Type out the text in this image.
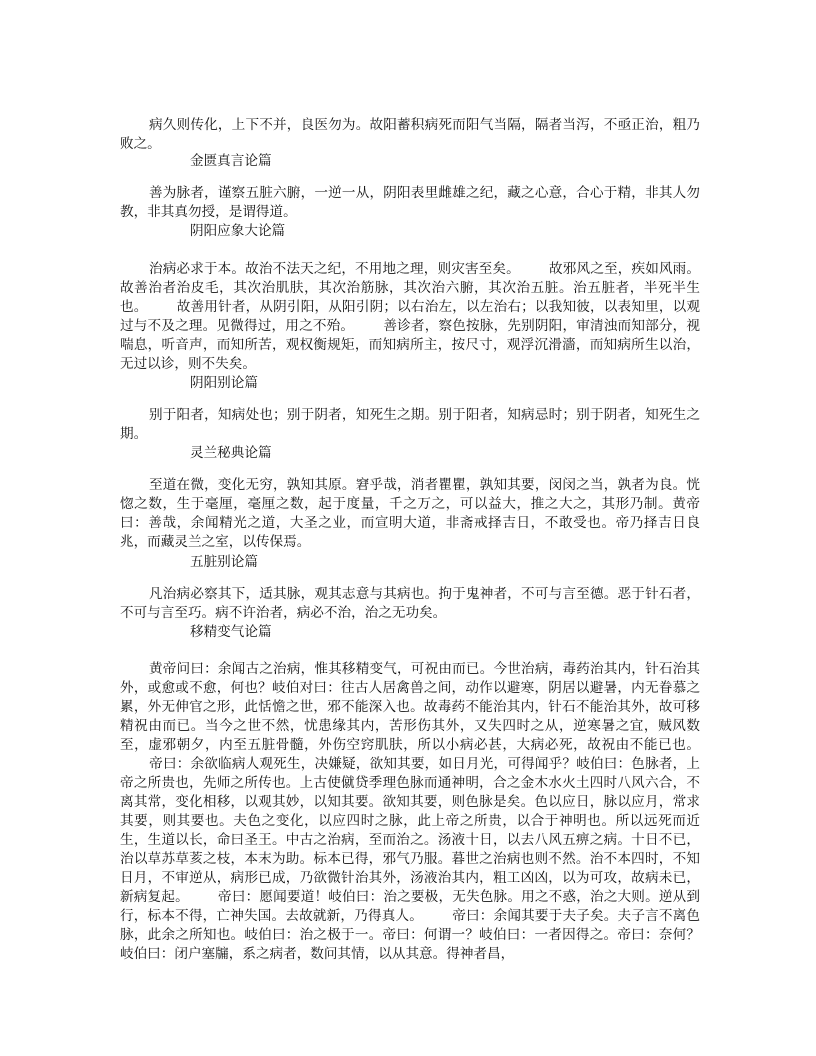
病久则传化，上下不并，良医勿为。故阳蓄积病死而阳气当隔，隔者当泻，不亟正治，粗乃败之。

金匮真言论篇

善为脉者，谨察五脏六腑，一逆一从，阴阳表里雌雄之纪，藏之心意，合心于精，非其人勿教，非其真勿授，是谓得道。

阴阳应象大论篇

治病必求于本。故治不法天之纪，不用地之理，则灾害至矣。 故邪风之至，疾如风雨。故善治者治皮毛，其次治肌肤，其次治筋脉，其次治六腑，其次治五脏。治五脏者，半死半生也。 故善用针者，从阴引阳，从阳引阴；以右治左，以左治右；以我知彼，以表知里，以观过与不及之理。见微得过，用之不殆。 善诊者，察色按脉，先别阴阳，审清浊而知部分，视喘息，听音声，而知所苦，观权衡规矩，而知病所主，按尺寸，观浮沉滑濇，而知病所生以治，无过以诊，则不失矣。

阴阳别论篇

别于阳者，知病处也；别于阴者，知死生之期。别于阳者，知病忌时；别于阴者，知死生之期。

灵兰秘典论篇

至道在微，变化无穷，孰知其原。窘乎哉，消者瞿瞿，孰知其要，闵闵之当，孰者为良。恍惚之数，生于毫厘，毫厘之数，起于度量，千之万之，可以益大，推之大之，其形乃制。黄帝曰：善哉，余闻精光之道，大圣之业，而宣明大道，非斋戒择吉日，不敢受也。帝乃择吉日良兆，而藏灵兰之室，以传保焉。

五脏别论篇

凡治病必察其下，适其脉，观其志意与其病也。拘于鬼神者，不可与言至德。恶于针石者，不可与言至巧。病不许治者，病必不治，治之无功矣。

移精变气论篇

黄帝问曰：余闻古之治病，惟其移精变气，可祝由而已。今世治病，毒药治其内，针石治其外，或愈或不愈，何也？岐伯对曰：往古人居禽兽之间，动作以避寒，阴居以避暑，内无眷慕之累，外无伸官之形，此恬憺之世，邪不能深入也。故毒药不能治其内，针石不能治其外，故可移精祝由而已。当今之世不然，忧患缘其内，苦形伤其外，又失四时之从，逆寒暑之宜，贼风数至，虚邪朝夕，内至五脏骨髓，外伤空窍肌肤，所以小病必甚，大病必死，故祝由不能已也。帝曰：余欲临病人观死生，决嫌疑，欲知其要，如日月光，可得闻乎？岐伯曰：色脉者，上帝之所贵也，先师之所传也。上古使僦贷季理色脉而通神明，合之金木水火土四时八风六合，不离其常，变化相移，以观其妙，以知其要。欲知其要，则色脉是矣。色以应日，脉以应月，常求其要，则其要也。夫色之变化，以应四时之脉，此上帝之所贵，以合于神明也。所以远死而近生，生道以长，命曰圣王。中古之治病，至而治之。汤液十日，以去八风五痹之病。十日不已，治以草苏草荄之枝，本末为助。标本已得，邪气乃服。暮世之治病也则不然。治不本四时，不知日月，不审逆从，病形已成，乃欲微针治其外，汤液治其内，粗工凶凶，以为可攻，故病未已，新病复起。 帝曰：愿闻要道！岐伯曰：治之要极，无失色脉。用之不惑，治之大则。逆从到行，标本不得，亡神失国。去故就新，乃得真人。 帝曰：余闻其要于夫子矣。夫子言不离色脉，此余之所知也。岐伯曰：治之极于一。帝曰：何谓一？岐伯曰：一者因得之。帝曰：奈何？岐伯曰：闭户塞牖，系之病者，数问其情，以从其意。得神者昌，
